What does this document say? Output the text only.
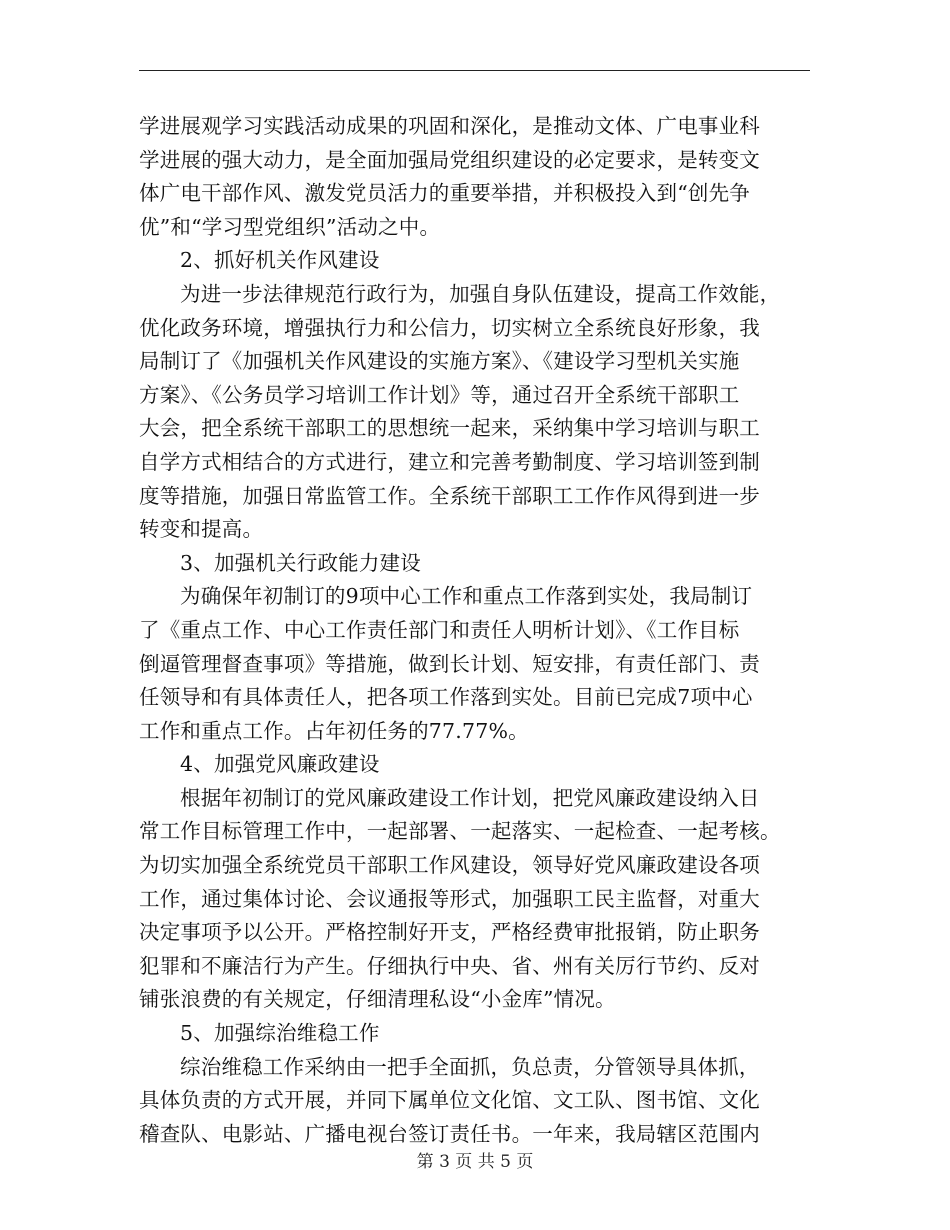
学进展观学习实践活动成果的巩固和深化，是推动文体、广电事业科
学进展的强大动力，是全面加强局党组织建设的必定要求，是转变文
体广电干部作风、激发党员活力的重要举措，并积极投入到“创先争
优”和“学习型党组织”活动之中。
2、抓好机关作风建设
为进一步法律规范行政行为，加强自身队伍建设，提高工作效能，
优化政务环境，增强执行力和公信力，切实树立全系统良好形象，我
局制订了《加强机关作风建设的实施方案》、《建设学习型机关实施
方案》、《公务员学习培训工作计划》等，通过召开全系统干部职工
大会，把全系统干部职工的思想统一起来，采纳集中学习培训与职工
自学方式相结合的方式进行，建立和完善考勤制度、学习培训签到制
度等措施，加强日常监管工作。全系统干部职工工作作风得到进一步
转变和提高。
3、加强机关行政能力建设
为确保年初制订的9项中心工作和重点工作落到实处，我局制订
了《重点工作、中心工作责任部门和责任人明析计划》、《工作目标
倒逼管理督查事项》等措施，做到长计划、短安排，有责任部门、责
任领导和有具体责任人，把各项工作落到实处。目前已完成7项中心
工作和重点工作。占年初任务的77.77%。
4、加强党风廉政建设
根据年初制订的党风廉政建设工作计划，把党风廉政建设纳入日
常工作目标管理工作中，一起部署、一起落实、一起检查、一起考核。
为切实加强全系统党员干部职工作风建设，领导好党风廉政建设各项
工作，通过集体讨论、会议通报等形式，加强职工民主监督，对重大
决定事项予以公开。严格控制好开支，严格经费审批报销，防止职务
犯罪和不廉洁行为产生。仔细执行中央、省、州有关厉行节约、反对
铺张浪费的有关规定，仔细清理私设“小金库”情况。
5、加强综治维稳工作
综治维稳工作采纳由一把手全面抓，负总责，分管领导具体抓，
具体负责的方式开展，并同下属单位文化馆、文工队、图书馆、文化
稽查队、电影站、广播电视台签订责任书。一年来，我局辖区范围内
第 3 页 共 5 页
